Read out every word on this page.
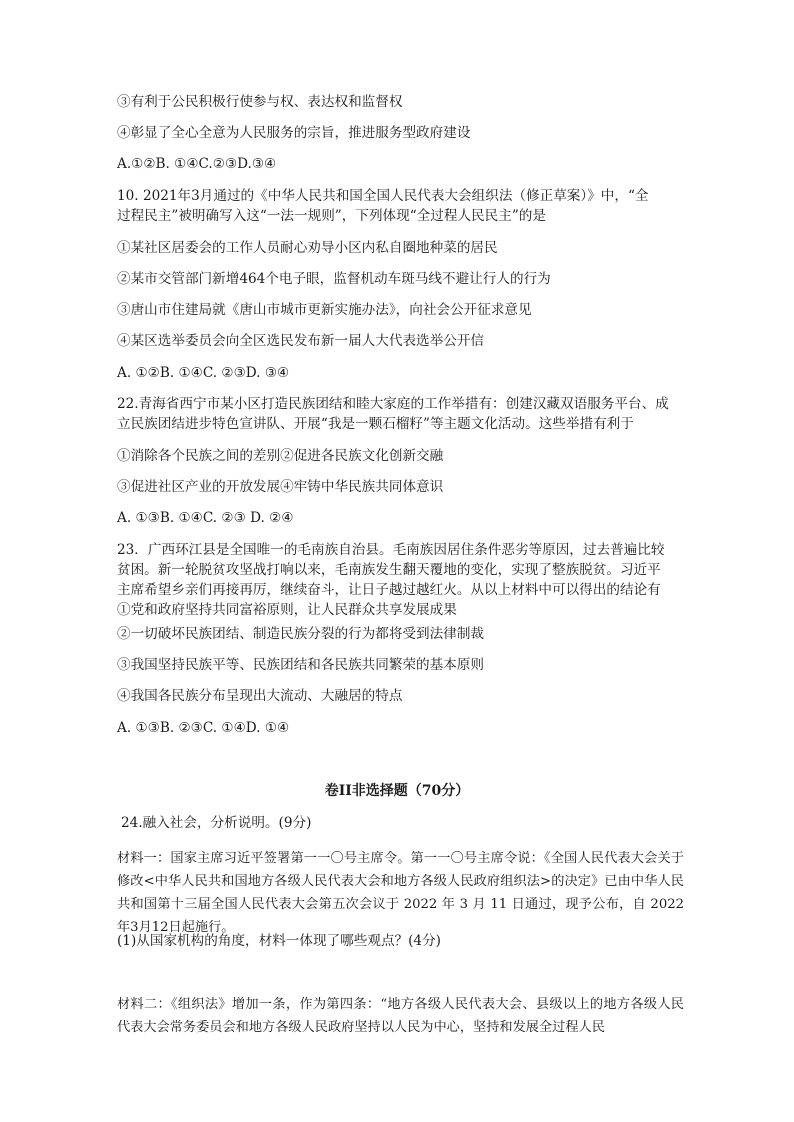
③有利于公民积极行使参与权、表达权和监督权
④彰显了全心全意为人民服务的宗旨，推进服务型政府建设
A.①②B. ①④C.②③D.③④
10. 2021年3月通过的《中华人民共和国全国人民代表大会组织法（修正草案）》中，“全
过程民主”被明确写入这“一法一规则”，下列体现“全过程人民民主”的是
①某社区居委会的工作人员耐心劝导小区内私自圈地种菜的居民
②某市交管部门新增464个电子眼，监督机动车斑马线不避让行人的行为
③唐山市住建局就《唐山市城市更新实施办法》，向社会公开征求意见
④某区选举委员会向全区选民发布新一届人大代表选举公开信
A. ①②B. ①④C. ②③D. ③④
22.青海省西宁市某小区打造民族团结和睦大家庭的工作举措有：创建汉藏双语服务平台、成
立民族团结进步特色宣讲队、开展“我是一颗石榴籽”等主题文化活动。这些举措有利于
①消除各个民族之间的差别②促进各民族文化创新交融
③促进社区产业的开放发展④牢铸中华民族共同体意识
A. ①③B. ①④C. ②③ D. ②④
23．广西环江县是全国唯一的毛南族自治县。毛南族因居住条件恶劣等原因，过去普遍比较
贫困。新一轮脱贫攻坚战打响以来，毛南族发生翻天覆地的变化，实现了整族脱贫。习近平
主席希望乡亲们再接再厉，继续奋斗，让日子越过越红火。从以上材料中可以得出的结论有
①党和政府坚持共同富裕原则，让人民群众共享发展成果
②一切破坏民族团结、制造民族分裂的行为都将受到法律制裁
③我国坚持民族平等、民族团结和各民族共同繁荣的基本原则
④我国各民族分布呈现出大流动、大融居的特点
A. ①③B. ②③C. ①④D. ①④
卷II非选择题（70分）
24.融入社会，分析说明。(9分)
材料一：国家主席习近平签署第一一〇号主席令。第一一〇号主席令说：《全国人民代表大会关于修改<中华人民共和国地方各级人民代表大会和地方各级人民政府组织法>的决定》已由中华人民共和国第十三届全国人民代表大会第五次会议于 2022 年 3 月 11 日通过，现予公布，自 2022 年3月12日起施行。
(1)从国家机构的角度，材料一体现了哪些观点？(4分)
材料二：《组织法》增加一条，作为第四条：“地方各级人民代表大会、县级以上的地方各级人民代表大会常务委员会和地方各级人民政府坚持以人民为中心，坚持和发展全过程人民
